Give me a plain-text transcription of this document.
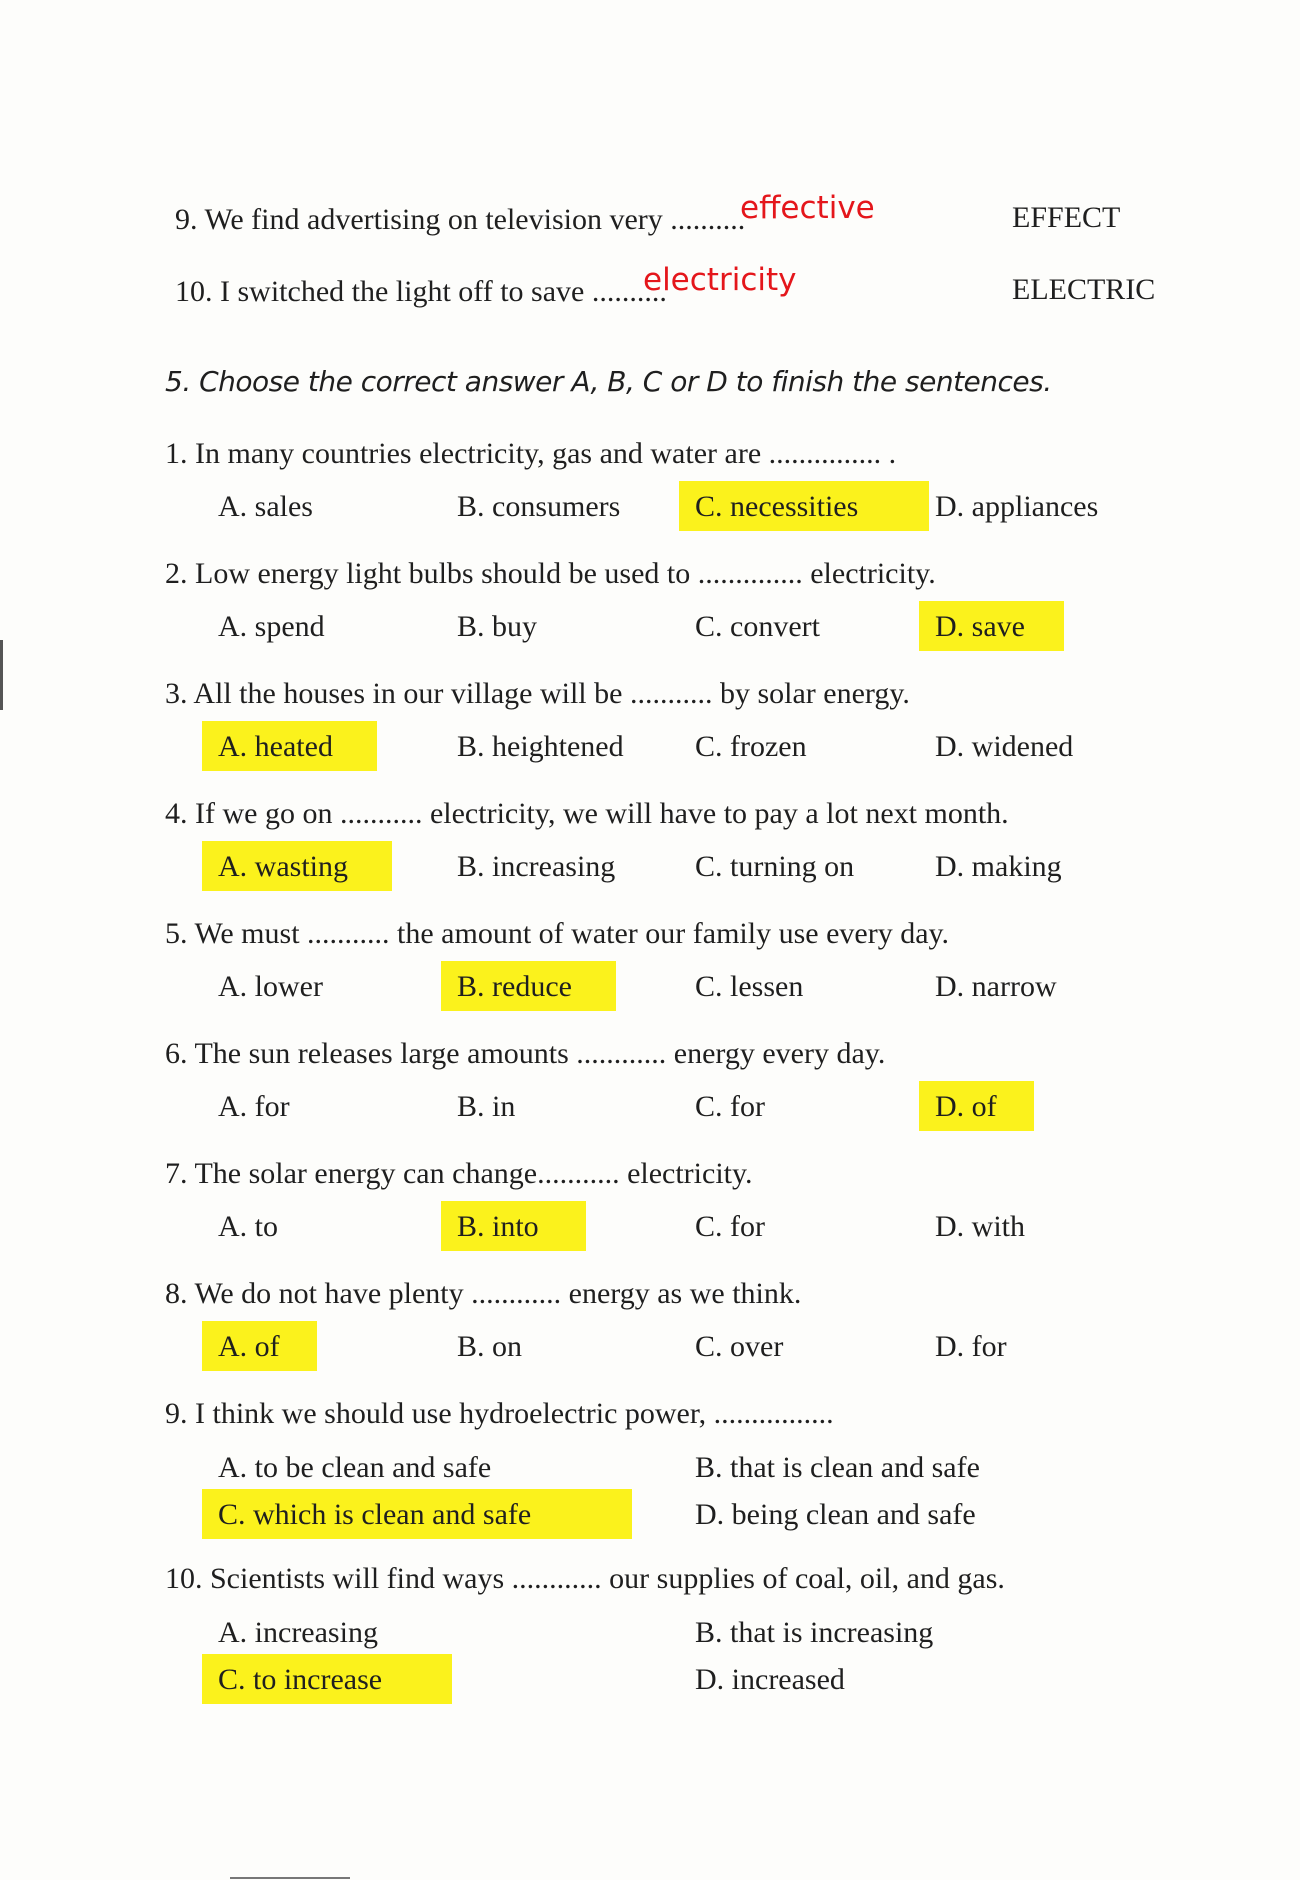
9. We find advertising on television very ..........
effective	EFFECT
10. I switched the light off to save ..........
electricity	ELECTRIC
5. Choose the correct answer A, B, C or D to finish the sentences.
1. In many countries electricity, gas and water are ............... .
A. sales	B. consumers C. necessities	D. appliances
2. Low energy light bulbs should be used to .............. electricity.
A. spend	B. buy	C. convert	D. save
3. All the houses in our village will be ........... by solar energy.
A. heated	B. heightened C. frozen	D. widened
4. If we go on ........... electricity, we will have to pay a lot next month.
A. wasting	B. increasing	C. turning on	D. making
5. We must ........... the amount of water our family use every day.
A. lower	B. reduce	C. lessen	D. narrow
6. The sun releases large amounts ............ energy every day.
A. for	B. in	C. for	D. of
7. The solar energy can change........... electricity.
A. to	B. into	C. for	D. with
8. We do not have plenty ............ energy as we think.
A. of	B. on	C. over	D. for
9. I think we should use hydroelectric power, ................
A. to be clean and safe	B. that is clean and safe
C. which is clean and safe	D. being clean and safe
10. Scientists will find ways ............ our supplies of coal, oil, and gas.
A. increasing	B. that is increasing
C. to increase	D. increased
